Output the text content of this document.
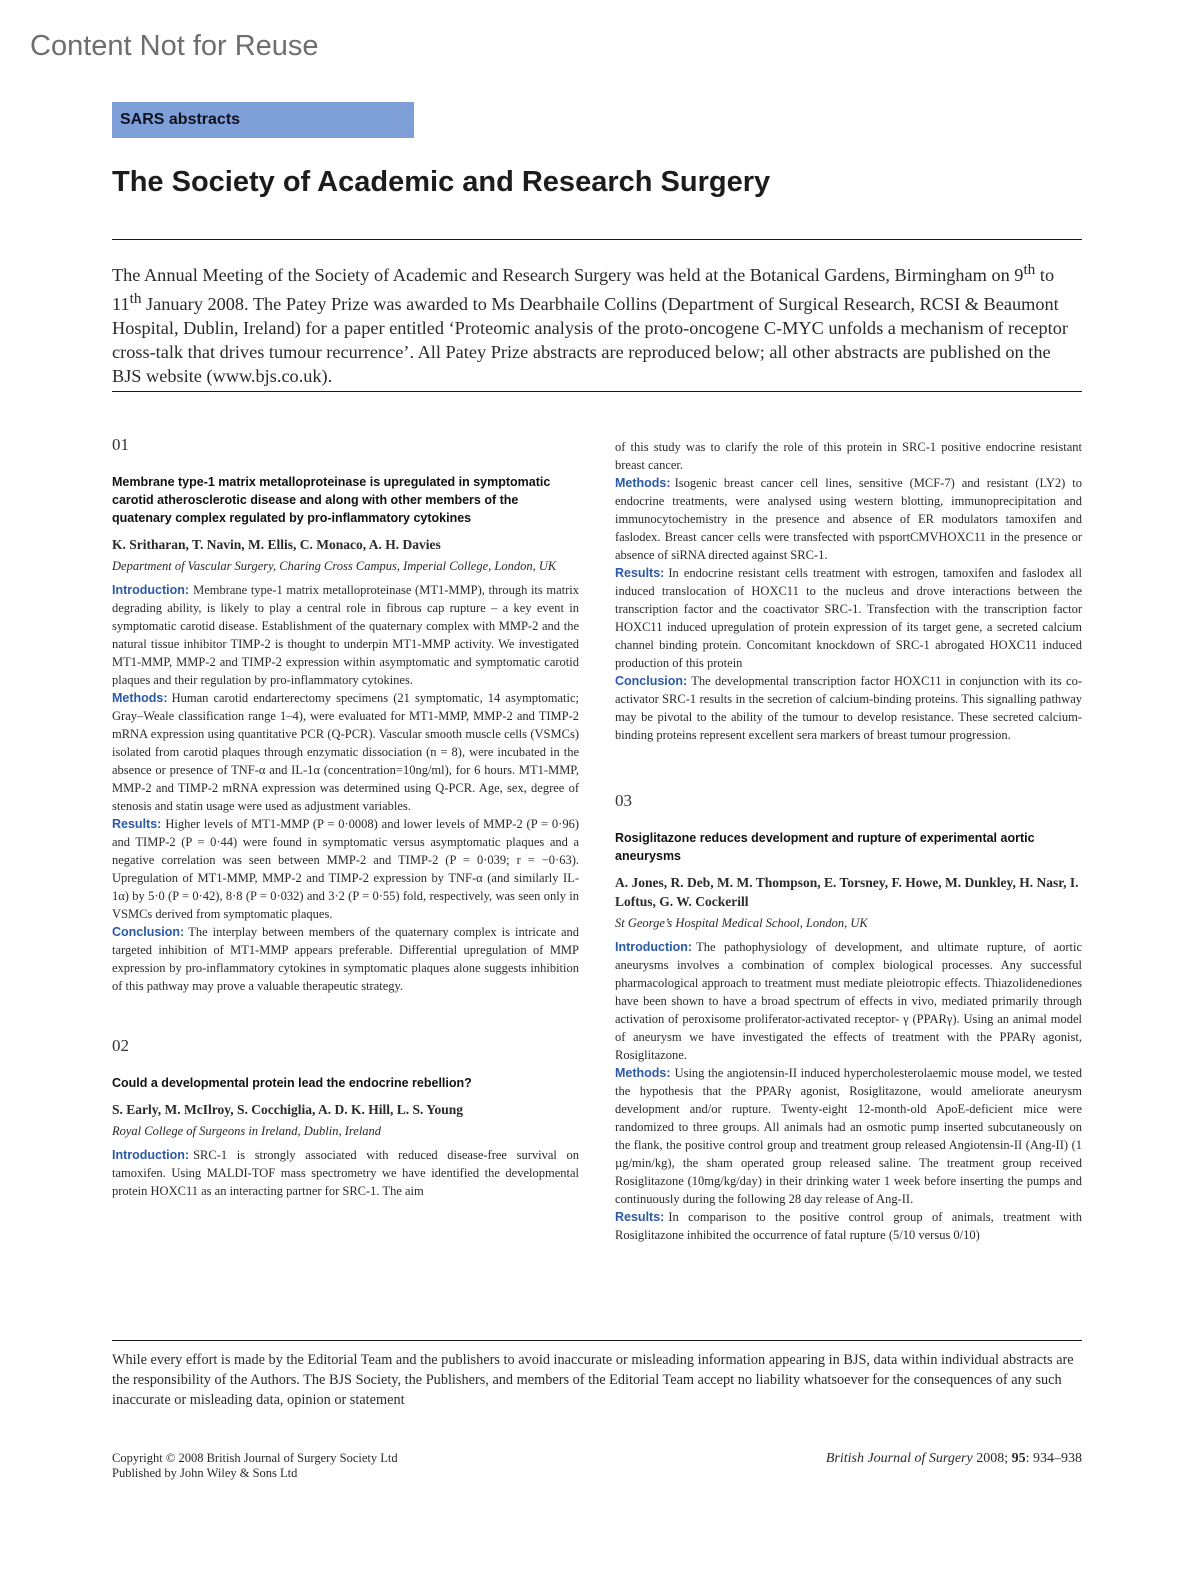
Content Not for Reuse
SARS abstracts
The Society of Academic and Research Surgery
The Annual Meeting of the Society of Academic and Research Surgery was held at the Botanical Gardens, Birmingham on 9th to 11th January 2008. The Patey Prize was awarded to Ms Dearbhaile Collins (Department of Surgical Research, RCSI & Beaumont Hospital, Dublin, Ireland) for a paper entitled ‘Proteomic analysis of the proto-oncogene C-MYC unfolds a mechanism of receptor cross-talk that drives tumour recurrence’. All Patey Prize abstracts are reproduced below; all other abstracts are published on the BJS website (www.bjs.co.uk).
01
Membrane type-1 matrix metalloproteinase is upregulated in symptomatic carotid atherosclerotic disease and along with other members of the quatenary complex regulated by pro-inflammatory cytokines
K. Sritharan, T. Navin, M. Ellis, C. Monaco, A. H. Davies
Department of Vascular Surgery, Charing Cross Campus, Imperial College, London, UK

Introduction: Membrane type-1 matrix metalloproteinase (MT1-MMP), through its matrix degrading ability, is likely to play a central role in fibrous cap rupture – a key event in symptomatic carotid disease. Establishment of the quaternary complex with MMP-2 and the natural tissue inhibitor TIMP-2 is thought to underpin MT1-MMP activity. We investigated MT1-MMP, MMP-2 and TIMP-2 expression within asymptomatic and symptomatic carotid plaques and their regulation by pro-inflammatory cytokines.

Methods: Human carotid endarterectomy specimens (21 symptomatic, 14 asymptomatic; Gray–Weale classification range 1–4), were evaluated for MT1-MMP, MMP-2 and TIMP-2 mRNA expression using quantitative PCR (Q-PCR). Vascular smooth muscle cells (VSMCs) isolated from carotid plaques through enzymatic dissociation (n = 8), were incubated in the absence or presence of TNF-α and IL-1α (concentration=10ng/ml), for 6 hours. MT1-MMP, MMP-2 and TIMP-2 mRNA expression was determined using Q-PCR. Age, sex, degree of stenosis and statin usage were used as adjustment variables.

Results: Higher levels of MT1-MMP (P = 0·0008) and lower levels of MMP-2 (P = 0·96) and TIMP-2 (P = 0·44) were found in symptomatic versus asymptomatic plaques and a negative correlation was seen between MMP-2 and TIMP-2 (P = 0·039; r = −0·63). Upregulation of MT1-MMP, MMP-2 and TIMP-2 expression by TNF-α (and similarly IL-1α) by 5·0 (P = 0·42), 8·8 (P = 0·032) and 3·2 (P = 0·55) fold, respectively, was seen only in VSMCs derived from symptomatic plaques.

Conclusion: The interplay between members of the quaternary complex is intricate and targeted inhibition of MT1-MMP appears preferable. Differential upregulation of MMP expression by pro-inflammatory cytokines in symptomatic plaques alone suggests inhibition of this pathway may prove a valuable therapeutic strategy.

02
Could a developmental protein lead the endocrine rebellion?
S. Early, M. McIlroy, S. Cocchiglia, A. D. K. Hill, L. S. Young
Royal College of Surgeons in Ireland, Dublin, Ireland

Introduction: SRC-1 is strongly associated with reduced disease-free survival on tamoxifen. Using MALDI-TOF mass spectrometry we have identified the developmental protein HOXC11 as an interacting partner for SRC-1. The aim

of this study was to clarify the role of this protein in SRC-1 positive endocrine resistant breast cancer.

Methods: Isogenic breast cancer cell lines, sensitive (MCF-7) and resistant (LY2) to endocrine treatments, were analysed using western blotting, immunoprecipitation and immunocytochemistry in the presence and absence of ER modulators tamoxifen and faslodex. Breast cancer cells were transfected with psportCMVHOXC11 in the presence or absence of siRNA directed against SRC-1.

Results: In endocrine resistant cells treatment with estrogen, tamoxifen and faslodex all induced translocation of HOXC11 to the nucleus and drove interactions between the transcription factor and the coactivator SRC-1. Transfection with the transcription factor HOXC11 induced upregulation of protein expression of its target gene, a secreted calcium channel binding protein. Concomitant knockdown of SRC-1 abrogated HOXC11 induced production of this protein

Conclusion: The developmental transcription factor HOXC11 in conjunction with its co-activator SRC-1 results in the secretion of calcium-binding proteins. This signalling pathway may be pivotal to the ability of the tumour to develop resistance. These secreted calcium-binding proteins represent excellent sera markers of breast tumour progression.

03
Rosiglitazone reduces development and rupture of experimental aortic aneurysms
A. Jones, R. Deb, M. M. Thompson, E. Torsney, F. Howe, M. Dunkley, H. Nasr, I. Loftus, G. W. Cockerill
St George’s Hospital Medical School, London, UK

Introduction: The pathophysiology of development, and ultimate rupture, of aortic aneurysms involves a combination of complex biological processes. Any successful pharmacological approach to treatment must mediate pleiotropic effects. Thiazolidenediones have been shown to have a broad spectrum of effects in vivo, mediated primarily through activation of peroxisome proliferator-activated receptor- γ (PPARγ). Using an animal model of aneurysm we have investigated the effects of treatment with the PPARγ agonist, Rosiglitazone.

Methods: Using the angiotensin-II induced hypercholesterolaemic mouse model, we tested the hypothesis that the PPARγ agonist, Rosiglitazone, would ameliorate aneurysm development and/or rupture. Twenty-eight 12-month-old ApoE-deficient mice were randomized to three groups. All animals had an osmotic pump inserted subcutaneously on the flank, the positive control group and treatment group released Angiotensin-II (Ang-II) (1 µg/min/kg), the sham operated group released saline. The treatment group received Rosiglitazone (10mg/kg/day) in their drinking water 1 week before inserting the pumps and continuously during the following 28 day release of Ang-II.

Results: In comparison to the positive control group of animals, treatment with Rosiglitazone inhibited the occurrence of fatal rupture (5/10 versus 0/10)

While every effort is made by the Editorial Team and the publishers to avoid inaccurate or misleading information appearing in BJS, data within individual abstracts are the responsibility of the Authors. The BJS Society, the Publishers, and members of the Editorial Team accept no liability whatsoever for the consequences of any such inaccurate or misleading data, opinion or statement
Copyright © 2008 British Journal of Surgery Society Ltd
Published by John Wiley & Sons Ltd
British Journal of Surgery 2008; 95: 934–938
